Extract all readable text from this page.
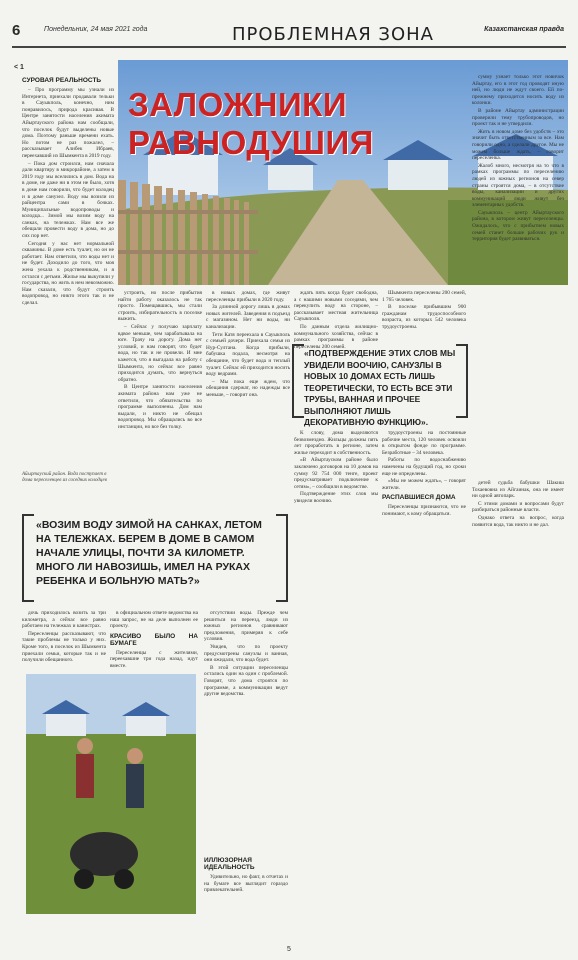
6	Понедельник, 24 мая 2021 года	ПРОБЛЕМНАЯ ЗОНА	Казахстанская правда
< 1
СУРОВАЯ РЕАЛЬНОСТЬ

– Про программу мы узнали из Интернета, приехали продавали тельки в Сауыкполь, конечно, ним понравилось, природа красивая. В Центре занятости населения акимата Айыртауского района нам сообщали, что поселок будут выделены новые дома. Поэтому раньше времени ехать. Но потом не раз пожалел, – рассказывает Алибек Ибраев, переехавший из Шымкента в 2019 году.

– Пока дом строился, нам сначала дали квартиру в микрорайоне, а затем в 2019 году мы вселились в дом. Вода на в доме, не даже ни в этом не было, хотя в доме нам говорили, что будет колодец и в доме санузел. Воду мы возили из райцентра сами в бочках. Муниципальные водопроводы и колодца... Зимой мы возим воду на санках, на тележках. Нам все же обещали провести воду в дома, но до сих пор нет.

Сегодня у нас нет нормальной скважины. В доме есть туалет, но он не работает. Нам ответили, что воды нет и не будет. Доходило до того, что моя жена уехала к родственникам, и я остался с детьми. Жилье мы выкупили у государства, но жить в нем невозможно. Нам сказали, что будут строить водопровод, но никто этого так и не сделал.

Айыртауский район. Вода поступает в дома переселенцев из соседних колодцев
ЗАЛОЖНИКИ РАВНОДУШИЯ

устроить, но после прибытия найти работу оказалось не так просто. Помещавшись, мы стали строить, избирательность в поселке выжить.

– Сейчас у получаю зарплату вдвое меньше, чем зарабатывала на юге. Трачу на дорогу. Дома нет условий, и нам говорят, что будет вода, но так и не провели. И мне кажется, что я выгадала на работу с Шымкента, но сейчас все равно приходится думать, что вернуться обратно.

В Центре занятости населения акимата района нам уже не ответили, что обязательства по программе выполнены. Дом нам выдали, и никто не обещал водопровод. Мы обращались во все инстанции, но все без толку.

в новых домах, где живут переселенцы прибыли в 2020 году.

За длинной дорогу лишь в домах новых жителей. Заведения в подъезд с магазином. Нет ни воды, ни канализации.

Тети Катя переехала в Сауыкполь с семьей дочери. Приехала семья из Нур-Султана. Когда прибыли, бабушка подала, несмотря на обещание, что будет вода и теплый туалет. Сейчас ей приходится носить воду ведрами.

– Мы пока еще ждем, что обещания сдержат, но надежды все меньше, – говорит она.

ждать пять когда будет свободна, а с нашими новыми соседями, чем перекупить воду на стороне, – рассказывает местная жительница Сауыкполя.

По данным отдела жилищно-коммунального хозяйства, сейчас в рамках программы в районе переселены 200 семей.

Шымкента переселены 200 семей, 1 765 человек.

В поселке прибывшим 900 гражданам трудоспособного возраста, из которых 542 человека трудоустроены.

«ПОДТВЕРЖДЕНИЕ ЭТИХ СЛОВ МЫ УВИДЕЛИ ВООЧИЮ, САНУЗЛЫ В НОВЫХ 10 ДОМАХ ЕСТЬ ЛИШЬ ТЕОРЕТИЧЕСКИ, ТО ЕСТЬ ВСЕ ЭТИ ТРУБЫ, ВАННАЯ И ПРОЧЕЕ ВЫПОЛНЯЮТ ЛИШЬ ДЕКОРАТИВНУЮ ФУНКЦИЮ».

сумму узнает только этот новичок Айыртау, его в этот год проводят иную ней, но люди не ждут своего. Ей по-прежнему приходится носить воду из колонки.

В районе Айыртау администрации проверили тему трубопроводов, но проект так и не утвердили.

Жить в новом доме без удобств – это значит быть ответственным за все. Нам говорили одно, а сделали другое. Мы не можем больше ждать, – говорит переселенка.

Жалоб много, несмотря на то что в рамках программы по переселению людей из южных регионов на север страны строятся дома, – в отсутствие воды, канализации и других коммуникаций люди живут без элементарных удобств.

Сауыкполь – центр Айыртауского района, в котором живут переселенцы. Ожидалось, что с прибытием новых семей станет больше рабочих рук и территория будет развиваться.

«ВОЗИМ ВОДУ ЗИМОЙ НА САНКАХ, ЛЕТОМ НА ТЕЛЕЖКАХ. БЕРЕМ В ДОМЕ В САМОМ НАЧАЛЕ УЛИЦЫ, ПОЧТИ ЗА КИЛОМЕТР. МНОГО ЛИ НАВОЗИШЬ, ИМЕЛ НА РУКАХ РЕБЕНКА И БОЛЬНУЮ МАТЬ?»

дочь приходилось возить за три километра, а сейчас все равно работаем на тележках и канистрах.

Переселенцы рассказывают, что такие проблемы не только у них. Кроме того, в поселок из Шымкента приехали семьи, которые так и не получили обещанного.

в официальном ответе ведомства на наш запрос, не на деле выполнен ее проекту.

КРАСИВО БЫЛО НА БУМАГЕ

Переселенцы с жителями, переехавшие три года назад, идут вместе.

отсутствии воды. Прежде чем решиться на переезд, люди из южных регионов сравнивают предложения, примеряя к себе условия.

Увидев, что по проекту предусмотрены санузлы и ванная, они ожидали, что вода будет.

В этой ситуации переселенцы остались один на один с проблемой. Говорят, что дома строятся по программе, а коммуникации ведут другие ведомства.

ИЛЛЮЗОРНАЯ ИДЕАЛЬНОСТЬ

Удивительно, но факт, в отчетах и на бумаге все выглядит гораздо привлекательней.

К слову, дома выделяются безвозмездно. Жильцы должны пять лет проработать в регионе, затем жилье переходит в собственность.

«В Айыртауском районе было заключено договоров на 10 домов на сумму 92 754 000 тенге, проект предусматривает подключение к сетям», – сообщили в ведомстве.

Подтверждение этих слов мы увидели воочию.

трудоустроены на постоянные рабочие места, 120 человек освоили в открытом фонде по программе. Безработные – 34 человека.

Работы по водоснабжению намечены на будущий год, но сроки еще не определены.

«Мы не можем ждать», – говорят жители.

РАСПАВШИЕСЯ ДОМА

Переселенцы признаются, что не понимают, к кому обращаться.

детей судьба бабушки Шакиш Тохаевовна из Айгаинак, она не имеет ни одной автопарк.

С этими домами и вопросами будут разбираться районные власти.

Однако ответа на вопрос, когда появится вода, так никто и не дал.

5
